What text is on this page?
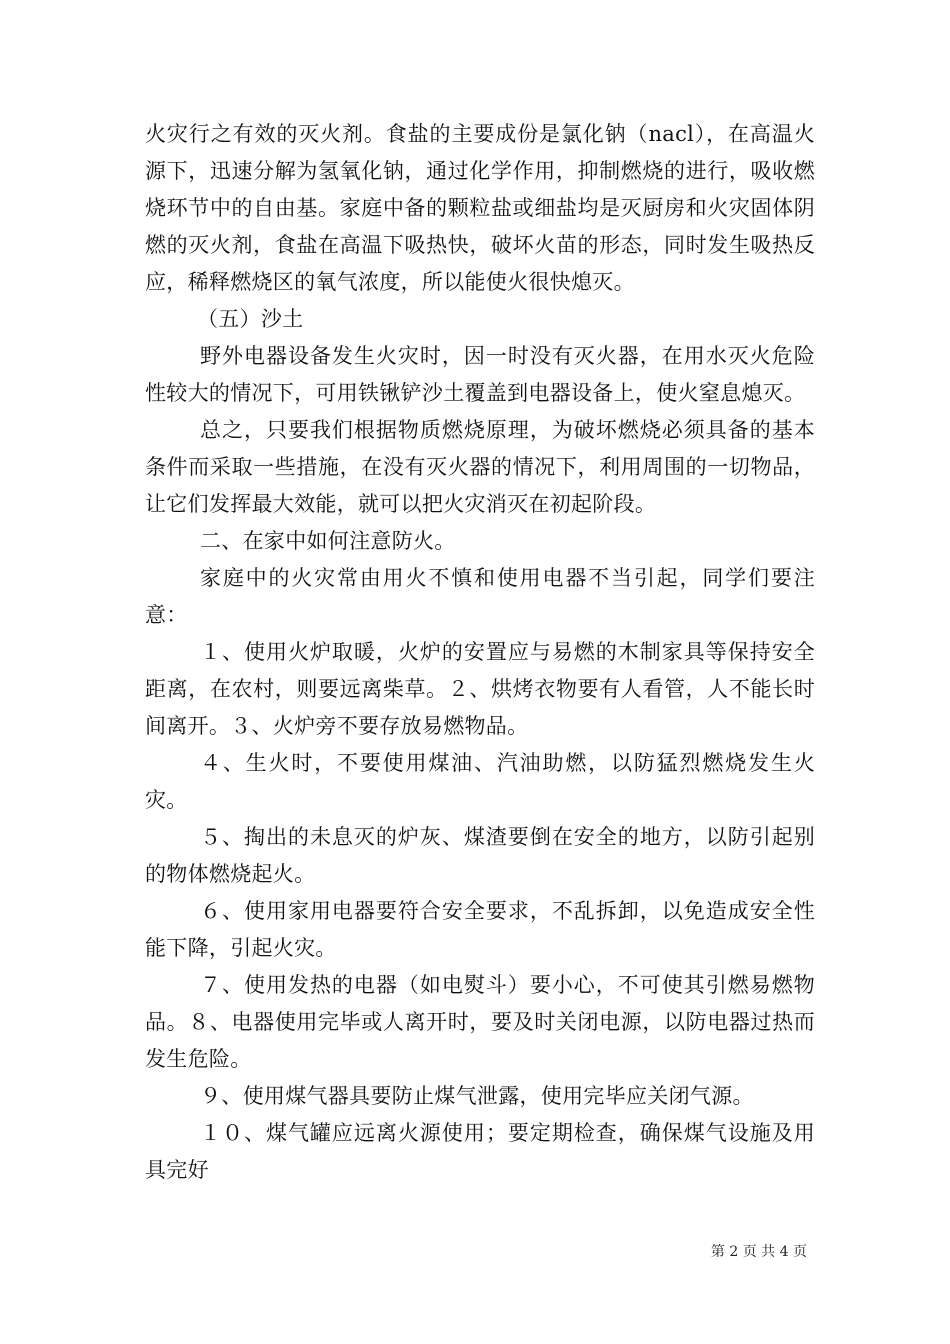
火灾行之有效的灭火剂。食盐的主要成份是氯化钠（nacl），在高温火源下，迅速分解为氢氧化钠，通过化学作用，抑制燃烧的进行，吸收燃烧环节中的自由基。家庭中备的颗粒盐或细盐均是灭厨房和火灾固体阴燃的灭火剂，食盐在高温下吸热快，破坏火苗的形态，同时发生吸热反应，稀释燃烧区的氧气浓度，所以能使火很快熄灭。

（五）沙土

野外电器设备发生火灾时，因一时没有灭火器，在用水灭火危险性较大的情况下，可用铁锹铲沙土覆盖到电器设备上，使火窒息熄灭。

总之，只要我们根据物质燃烧原理，为破坏燃烧必须具备的基本条件而采取一些措施，在没有灭火器的情况下，利用周围的一切物品，让它们发挥最大效能，就可以把火灾消灭在初起阶段。

二、在家中如何注意防火。

家庭中的火灾常由用火不慎和使用电器不当引起，同学们要注意：

１、使用火炉取暖，火炉的安置应与易燃的木制家具等保持安全距离，在农村，则要远离柴草。２、烘烤衣物要有人看管，人不能长时间离开。３、火炉旁不要存放易燃物品。

４、生火时，不要使用煤油、汽油助燃，以防猛烈燃烧发生火灾。

５、掏出的未息灭的炉灰、煤渣要倒在安全的地方，以防引起别的物体燃烧起火。

６、使用家用电器要符合安全要求，不乱拆卸，以免造成安全性能下降，引起火灾。

７、使用发热的电器（如电熨斗）要小心，不可使其引燃易燃物品。８、电器使用完毕或人离开时，要及时关闭电源，以防电器过热而发生危险。

９、使用煤气器具要防止煤气泄露，使用完毕应关闭气源。

１０、煤气罐应远离火源使用；要定期检查，确保煤气设施及用具完好

第 2 页 共 4 页
